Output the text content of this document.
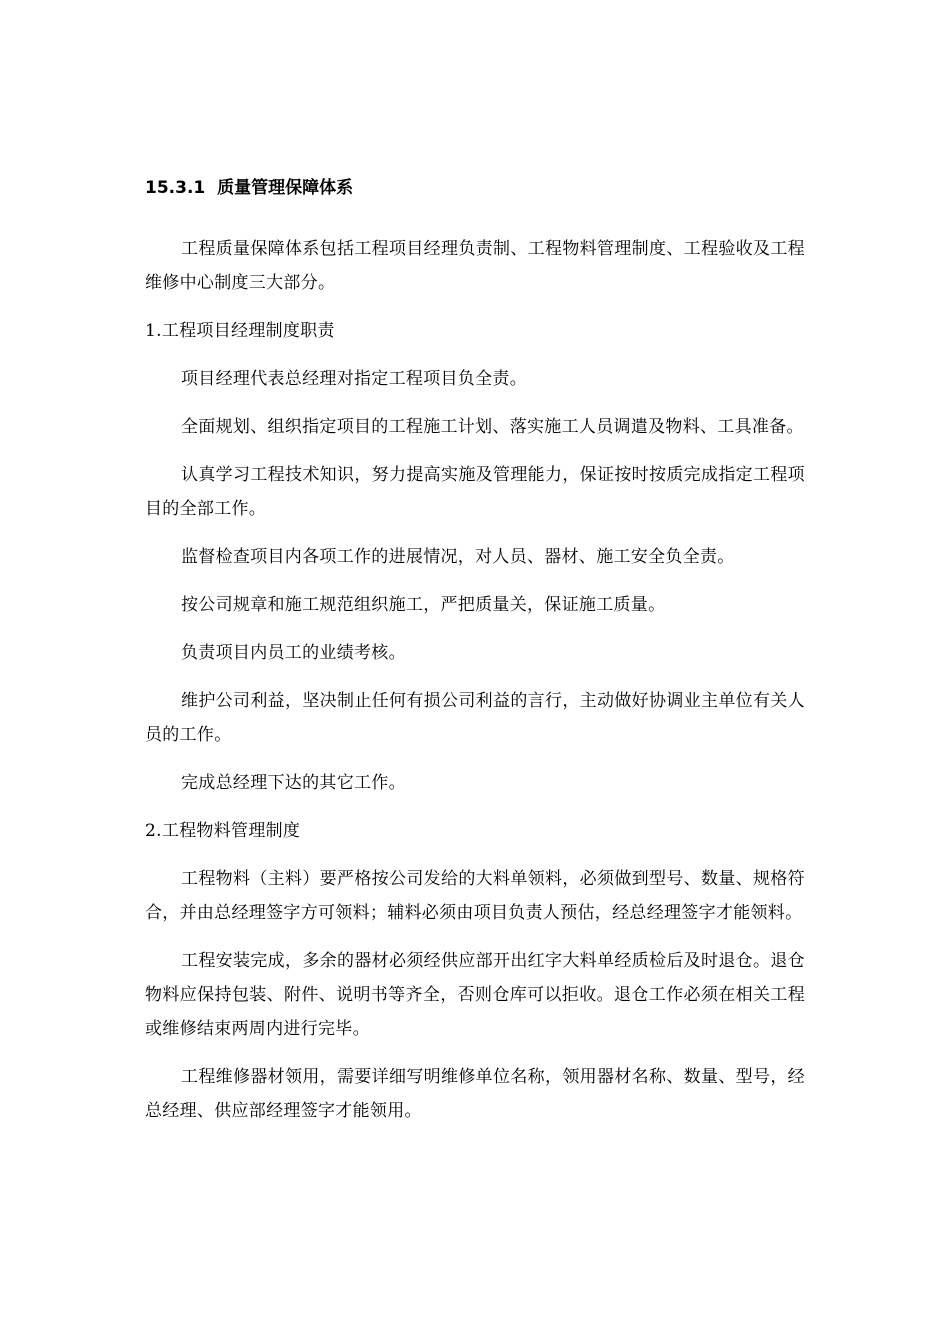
15.3.1  质量管理保障体系

工程质量保障体系包括工程项目经理负责制、工程物料管理制度、工程验收及工程维修中心制度三大部分。

1.工程项目经理制度职责

项目经理代表总经理对指定工程项目负全责。

全面规划、组织指定项目的工程施工计划、落实施工人员调遣及物料、工具准备。

认真学习工程技术知识，努力提高实施及管理能力，保证按时按质完成指定工程项目的全部工作。

监督检查项目内各项工作的进展情况，对人员、器材、施工安全负全责。

按公司规章和施工规范组织施工，严把质量关，保证施工质量。

负责项目内员工的业绩考核。

维护公司利益，坚决制止任何有损公司利益的言行，主动做好协调业主单位有关人员的工作。

完成总经理下达的其它工作。

2.工程物料管理制度

工程物料（主料）要严格按公司发给的大料单领料，必须做到型号、数量、规格符合，并由总经理签字方可领料；辅料必须由项目负责人预估，经总经理签字才能领料。

工程安装完成，多余的器材必须经供应部开出红字大料单经质检后及时退仓。退仓物料应保持包装、附件、说明书等齐全，否则仓库可以拒收。退仓工作必须在相关工程或维修结束两周内进行完毕。

工程维修器材领用，需要详细写明维修单位名称，领用器材名称、数量、型号，经总经理、供应部经理签字才能领用。
